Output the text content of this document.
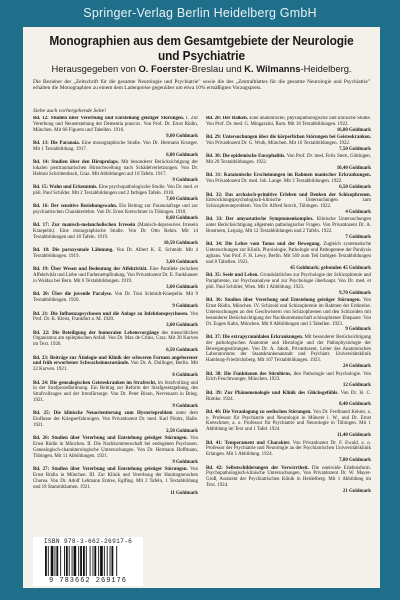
Springer-Verlag Berlin Heidelberg GmbH
Monographien aus dem Gesamtgebiete der Neurologie und Psychiatrie
Herausgegeben von O. Foerster-Breslau und K. Wilmanns-Heidelberg.
Die Bezieher der „Zeitschrift für die gesamte Neurologie und Psychiatrie" sowie die des „Zentralblattes für die gesamte Neurologie und Psychiatrie" erhalten die Monographien zu einem dem Ladenpreise gegenüber um etwa 10% ermäßigten Vorzugspreis.
Siehe auch vorhergehende Seite!
Bd. 12: Studien über Vererbung und Entstehung geistiger Störungen. I. Zur Vererbung und Neuentstehung der Dementia praecox. Von Prof. Dr. Ernst Rüdin, München. Mit 66 Figuren und Tabellen. 1916.
9,60 Goldmark
Bd. 13: Die Paranoia. Eine monographische Studie. Von Dr. Hermann Krueger. Mit 1 Textabbildung. 1917.
6,80 Goldmark
Bd. 14: Studien über den Hirnprolaps. Mit besonderer Berücksichtigung der lokalen posttraumatischen Hirnschwellung nach Schädelverletzungen. Von Dr. Helmut Schröttenbach, Graz. Mit Abbildungen auf 10 Tafeln. 1917.
9 Goldmark
Bd. 15: Wahn und Erkenntnis. Eine psychopathologische Studie. Von Dr. med. et phil. Paul Schilder. Mit 2 Textabbildungen und 2 farbigen Tafeln. 1918.
7,60 Goldmark
Bd. 16: Der sensitive Beziehungswahn. Ein Beitrag zur Paranoiafrage und zur psychiatrischen Charakterlehre. Von Dr. Ernst Kretschmer in Tübingen. 1918.
8,60 Goldmark
Bd. 17: Zur manisch-melancholischen Irresein (Manisch-depressives Irresein Kraepelin). Eine monographische Studie. Von Dr. Otto Rehm. Mit 14 Textabbildungen und 18 Tafeln. 1919.
10,50 Goldmark
Bd. 18: Die paroxysmale Lähmung. Von Dr. Albert K. E. Schmidt. Mit 4 Textabbildungen. 1919.
3,60 Goldmark
Bd. 19: Über Wesen und Bedeutung der Affektivität. Eine Parallele zwischen Affektivität und Liebe und Farbenempfindung. Von Privatdozent Dr. E. Fankhauser in Waldau bei Bern. Mit 6 Textabbildungen. 1919.
3,60 Goldmark
Bd. 20: Über die juvenile Paralyse. Von Dr. Toni Schmidt-Kraepelin. Mit 9 Textabbildungen. 1920.
9 Goldmark
Bd. 21: Die Influenzapsychosen und die Anlage zu Infektionspsychosen. Von Prof. Dr. K. Kleist, Frankfurt a. M. 1920.
3,60 Goldmark
Bd. 22: Die Beteiligung der humoralen Lebensvorgänge des menschlichen Organismus am epileptischen Anfall. Von Dr. Max de Crinis, Graz. Mit 28 Kurven im Text. 1920.
6,50 Goldmark
Bd. 23: Beiträge zur Ätiologie und Klinik der schweren Formen angeborener und früh erworbener Schwachsinnszustände. Von Dr. A. Dollinger, Berlin. Mit 22 Kurven. 1921.
6 Goldmark
Bd. 24: Die genealogischen Geisteskranken im Strafrecht, im Strafvollzug und in der Strafprozeßordnung. Ein Beitrag zur Reform der Strafgesetzgebung, des Strafvollzuges und der Irrenfürsorge. Von Dr. Peter Rixen, Nervenarzt in Brieg. 1921.
9 Goldmark
Bd. 25: Die klinische Neuorientierung zum Hysterieproblem unter dem Einflusse der Kriegserfahrungen. Von Privatdozent Dr. med. Karl Pönitz, Halle. 1921.
2,50 Goldmark
Bd. 26: Studien über Vererbung und Entstehung geistiger Störungen. Von Ernst Rüdin in München. II. Die Nachkommenschaft bei endogenen Psychosen. Genealogisch-charakterologische Untersuchungen. Von Dr. Hermann Hoffmann, Tübingen. Mit 11 Abbildungen. 1921.
9 Goldmark
Bd. 27: Studien über Vererbung und Entstehung geistiger Störungen. Von Ernst Rüdin in München. III. Zur Klinik und Vererbung der Huntingtonschen Chorea. Von Dr. Adolf Lehmann Entres, Eglfing. Mit 2 Tafeln, 1 Textabbildung und 18 Stammbäumen. 1921.
11 Goldmark
Bd. 28: Der Balken. Eine anatomische, physiopathologische und klinische Studie. Von Prof. Dr. med. G. Mingazzini, Rom. Mit 18 Textabbildungen. 1922.
16,80 Goldmark
Bd. 29: Untersuchungen über die körperlichen Störungen bei Geisteskranken. Von Privatdozent Dr. G. Wuth, München. Mit 16 Textabbildungen. 1922.
7,50 Goldmark
Bd. 30: Die epidemische Encephalitis. Von Prof. Dr. med. Felix Stern, Göttingen. Mit 20 Textabbildungen. 1922.
10,40 Goldmark
Bd. 31: Katatonische Erscheinungen im Rahmen manischer Erkrankungen. Von Privatdozent Dr. med. Joh. Lange. Mit 3 Textabbildungen. 1922.
6,50 Goldmark
Bd. 32: Das archaisch-primitive Erleben und Denken der Schizophrenen. Entwicklungspsychologisch-klinische Untersuchungen zum Schizophrenieproblem. Von Dr. Alfred Storch, Tübingen. 1922.
4 Goldmark
Bd. 33: Der amyostatische Symptomenkomplex. Klinische Untersuchungen unter Berücksichtigung allgemein pathologischer Fragen. Von Privatdozent Dr. A. Bostroem, Leipzig. Mit 12 Textabbildungen und 2 Tafeln. 1922.
7 Goldmark
Bd. 34: Die Lehre vom Tonus und der Bewegung. Zugleich systematische Untersuchungen zur Klinik, Physiologie, Pathologie und Pathogenese der Paralysis agitans. Von Prof. F. H. Lewy, Berlin. Mit 569 zum Teil farbigen Textabbildungen und 8 Tabellen. 1923.
45 Goldmark; gebunden 45 Goldmark
Bd. 35: Seele und Leben. Grundsätzliches zur Psychologie der Schizophrenie und Paraphrenie, zur Psychoanalyse und zur Psychologie überhaupt. Von Dr. med. et phil. Paul Schilder, Wien. Mit 1 Abbildung. 1923.
9,70 Goldmark
Bd. 36: Studien über Vererbung und Entstehung geistiger Störungen. Von Ernst Rüdin, München. IV. Schizoid und Schizophrenie im Rahmen der Erbkreise. Untersuchungen an den Geschwistern von Schizophrenen und den Schizoiden mit besonderer Berücksichtigung der Nachkommenschaft schizophrener Ehepaare. Von Dr. Eugen Kahn, München. Mit 8 Abbildungen und 3 Tabellen. 1923.
9 Goldmark
Bd. 37: Die extrapyramidalen Erkrankungen. Mit besonderer Berücksichtigung der pathologischen Anatomie und Histologie und der Pathophysiologie der Bewegungsstörungen. Von Dr. A. Jakob, Privatdozent, Leiter des Anatomischen Laboratoriums der Staatskrankenanstalt und Psychiatr. Universitätsklinik Hamburg-Friedrichsberg. Mit 167 Textabbildungen. 1923.
24 Goldmark
Bd. 38: Die Funktionen des Stirnhirns, ihre Pathologie und Psychologie. Von Erich Feuchtwanger, München. 1923.
12 Goldmark
Bd. 39: Zur Phänomenologie und Klinik des Glücksgefühls. Von Dr. H. C. Rümke. 1924.
8,40 Goldmark
Bd. 40: Die Veranlagung zu seelischen Störungen. Von Dr. Ferdinand Kehrer, a. o. Professor für Psychiatrie und Neurologie in Münster i. W., und Dr. Ernst Kretschmer, a. o. Professor für Psychiatrie und Neurologie in Tübingen. Mit 1 Abbildung im Text und 1 Tafel. 1924.
11,40 Goldmark
Bd. 41: Temperament und Charakter. Von Privatdozent Dr. F. Ewald, a. o. Professor der Psychiatrie und Neurologie an der Psychiatrischen Universitätsklinik Erlangen. Mit 1 Abbildung. 1924.
7,80 Goldmark
Bd. 42: Selbstschilderungen der Verwirrtheit. Die oneiroide Erlebnisform. Psychopathologisch-klinische Untersuchungen. Von Privatdozent Dr. W. Mayer-Groß, Assistent der Psychiatrischen Klinik in Heidelberg. Mit 1 Abbildung im Text. 1924.
21 Goldmark
ISBN 978-3-662-26917-6
9 783662 269176
